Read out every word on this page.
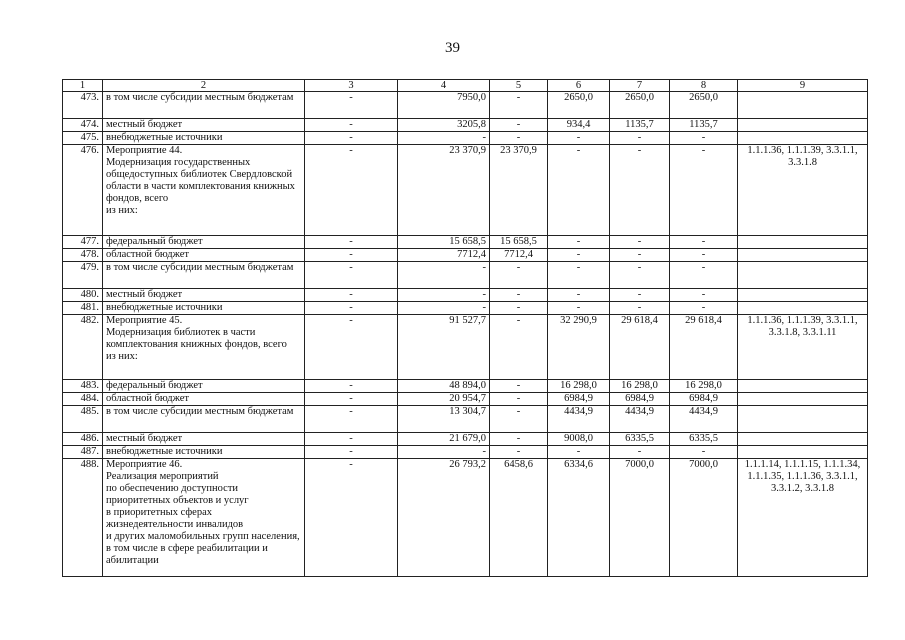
39
1	2	3	4	5	6	7	8	9
473.	в том числе субсидии местным бюджетам	-	7950,0	-	2650,0	2650,0	2650,0	
474.	местный бюджет	-	3205,8	-	934,4	1135,7	1135,7	
475.	внебюджетные источники	-	-	-	-	-	-	
476.	Мероприятие 44.
Модернизация государственных общедоступных библиотек Свердловской области в части комплектования книжных фондов, всего
из них:	-	23 370,9	23 370,9	-	-	-	1.1.1.36, 1.1.1.39, 3.3.1.1, 3.3.1.8
477.	федеральный бюджет	-	15 658,5	15 658,5	-	-	-	
478.	областной бюджет	-	7712,4	7712,4	-	-	-	
479.	в том числе субсидии местным бюджетам	-	-	-	-	-	-	
480.	местный бюджет	-	-	-	-	-	-	
481.	внебюджетные источники	-	-	-	-	-	-	
482.	Мероприятие 45.
Модернизация библиотек в части комплектования книжных фондов, всего
из них:	-	91 527,7	-	32 290,9	29 618,4	29 618,4	1.1.1.36, 1.1.1.39, 3.3.1.1, 3.3.1.8, 3.3.1.11
483.	федеральный бюджет	-	48 894,0	-	16 298,0	16 298,0	16 298,0	
484.	областной бюджет	-	20 954,7	-	6984,9	6984,9	6984,9	
485.	в том числе субсидии местным бюджетам	-	13 304,7	-	4434,9	4434,9	4434,9	
486.	местный бюджет	-	21 679,0	-	9008,0	6335,5	6335,5	
487.	внебюджетные источники	-	-	-	-	-	-	
488.	Мероприятие 46.
Реализация мероприятий
по обеспечению доступности приоритетных объектов и услуг
в приоритетных сферах жизнедеятельности инвалидов
и других маломобильных групп населения, в том числе в сфере реабилитации и абилитации	-	26 793,2	6458,6	6334,6	7000,0	7000,0	1.1.1.14, 1.1.1.15, 1.1.1.34, 1.1.1.35, 1.1.1.36, 3.3.1.1, 3.3.1.2, 3.3.1.8
